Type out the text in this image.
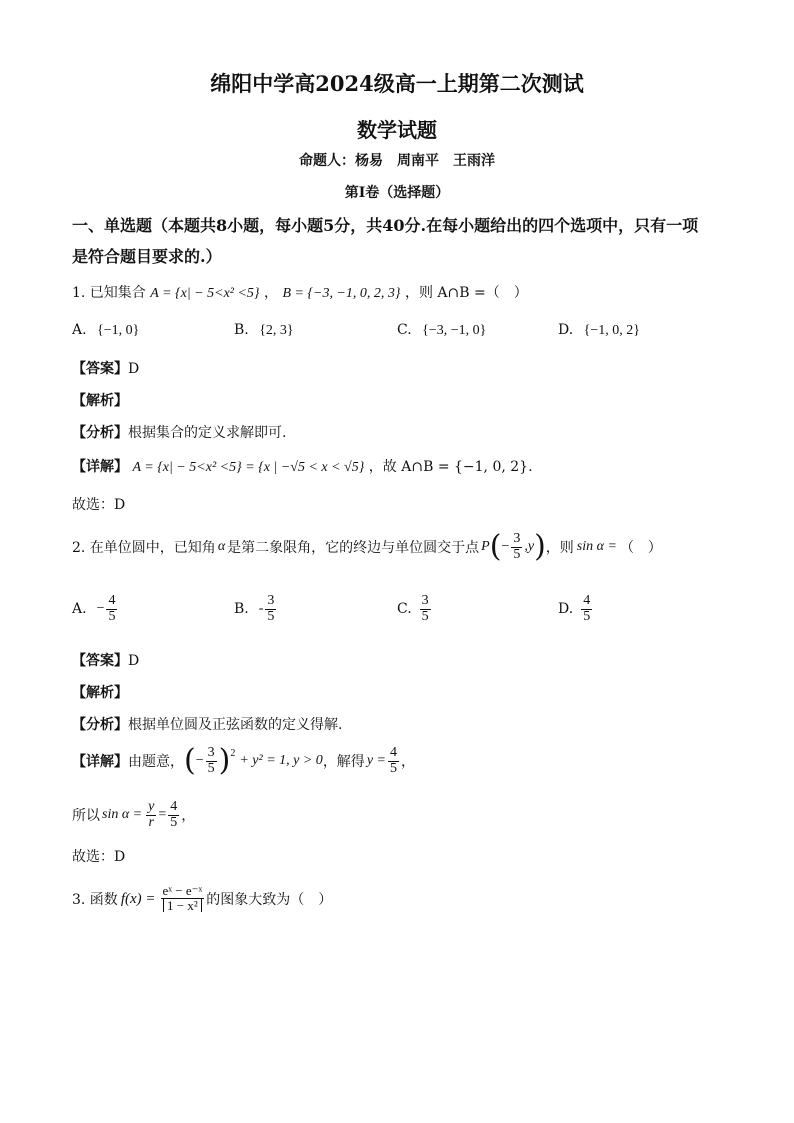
绵阳中学高2024级高一上期第二次测试
数学试题
命题人：杨易　周南平　王雨洋
第Ⅰ卷（选择题）
一、单选题（本题共8小题，每小题5分，共40分.在每小题给出的四个选项中，只有一项
是符合题目要求的.）
1. 已知集合 A = {x| − 5<x² <5} ， B = {−3, −1, 0, 2, 3} ，则 A∩B =（　）
A. {−1, 0}	B. {2, 3}	C. {−3, −1, 0}	D. {−1, 0, 2}
【答案】D
【解析】
【分析】根据集合的定义求解即可.
【详解】 A = {x| − 5<x² <5} = {x | −√5 < x < √5} ，故 A∩B = {−1, 0, 2}.
故选：D
2. 在单位圆中，已知角 α 是第二象限角，它的终边与单位圆交于点 P ( − $\frac{3}{5} ,y$ ) ，则 sin α = （　）
A. − $\frac{4}{5}$	B. - $\frac{3}{5}$	C. $\frac{3}{5}$	D. $\frac{4}{5}$
【答案】D
【解析】
【分析】根据单位圆及正弦函数的定义得解.
【详解】 由题意， ( − $\frac{3}{5}$ ) 2 + y² = 1, y > 0 ，解得 $y = \frac{4}{5}$ ，
所以 $\sin \alpha = \frac{y}{r} = \frac{4}{5}$ ，
故选：D
3. 函数 $f(x) = \frac{\text{eˣ − e⁻ˣ}}{\text{1 − x²}}$ 的图象大致为（　）
